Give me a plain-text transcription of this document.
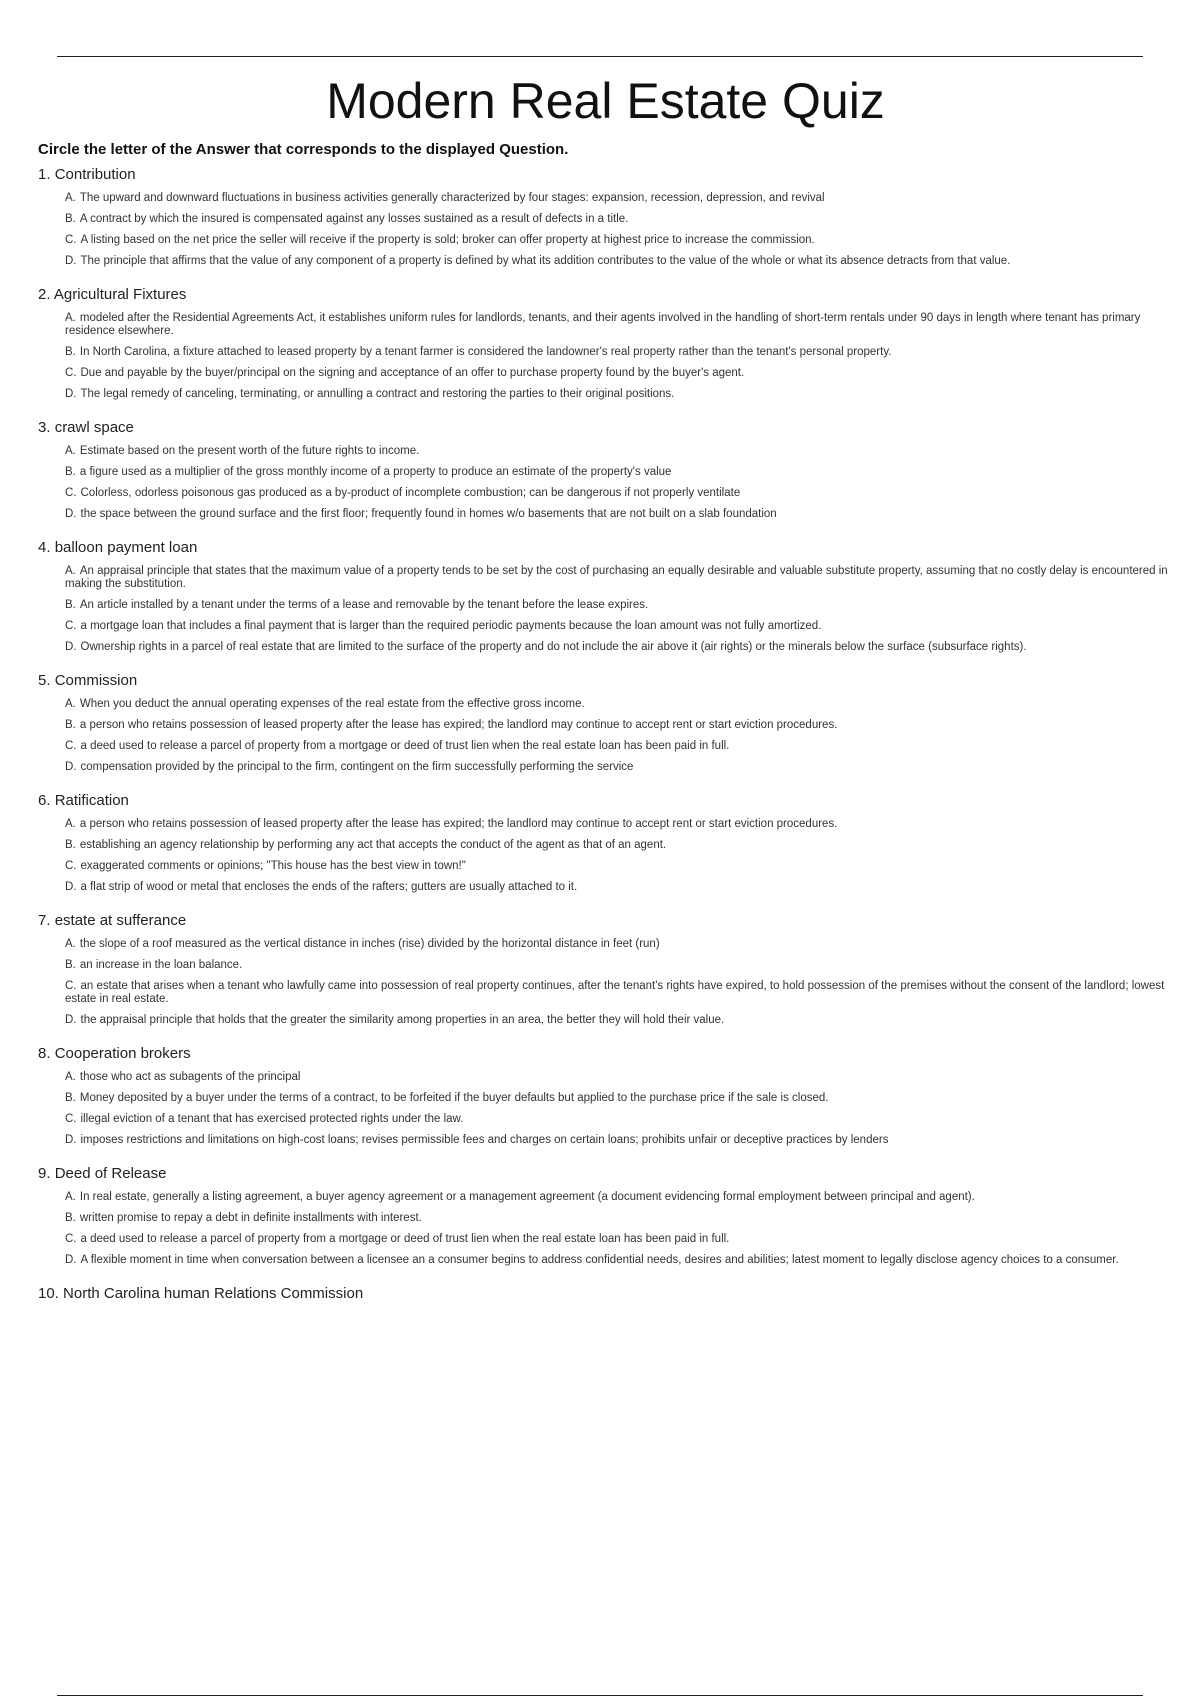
Modern Real Estate Quiz

Circle the letter of the Answer that corresponds to the displayed Question.

1. Contribution

A. The upward and downward fluctuations in business activities generally characterized by four stages: expansion, recession, depression, and revival
B. A contract by which the insured is compensated against any losses sustained as a result of defects in a title.
C. A listing based on the net price the seller will receive if the property is sold; broker can offer property at highest price to increase the commission.
D. The principle that affirms that the value of any component of a property is defined by what its addition contributes to the value of the whole or what its absence detracts from that value.

2. Agricultural Fixtures

A. modeled after the Residential Agreements Act, it establishes uniform rules for landlords, tenants, and their agents involved in the handling of short-term rentals under 90 days in length where tenant has primary residence elsewhere.
B. In North Carolina, a fixture attached to leased property by a tenant farmer is considered the landowner's real property rather than the tenant's personal property.
C. Due and payable by the buyer/principal on the signing and acceptance of an offer to purchase property found by the buyer's agent.
D. The legal remedy of canceling, terminating, or annulling a contract and restoring the parties to their original positions.

3. crawl space

A. Estimate based on the present worth of the future rights to income.
B. a figure used as a multiplier of the gross monthly income of a property to produce an estimate of the property's value
C. Colorless, odorless poisonous gas produced as a by-product of incomplete combustion; can be dangerous if not properly ventilate
D. the space between the ground surface and the first floor; frequently found in homes w/o basements that are not built on a slab foundation

4. balloon payment loan

A. An appraisal principle that states that the maximum value of a property tends to be set by the cost of purchasing an equally desirable and valuable substitute property, assuming that no costly delay is encountered in making the substitution.
B. An article installed by a tenant under the terms of a lease and removable by the tenant before the lease expires.
C. a mortgage loan that includes a final payment that is larger than the required periodic payments because the loan amount was not fully amortized.
D. Ownership rights in a parcel of real estate that are limited to the surface of the property and do not include the air above it (air rights) or the minerals below the surface (subsurface rights).

5. Commission

A. When you deduct the annual operating expenses of the real estate from the effective gross income.
B. a person who retains possession of leased property after the lease has expired; the landlord may continue to accept rent or start eviction procedures.
C. a deed used to release a parcel of property from a mortgage or deed of trust lien when the real estate loan has been paid in full.
D. compensation provided by the principal to the firm, contingent on the firm successfully performing the service

6. Ratification

A. a person who retains possession of leased property after the lease has expired; the landlord may continue to accept rent or start eviction procedures.
B. establishing an agency relationship by performing any act that accepts the conduct of the agent as that of an agent.
C. exaggerated comments or opinions; "This house has the best view in town!"
D. a flat strip of wood or metal that encloses the ends of the rafters; gutters are usually attached to it.

7. estate at sufferance

A. the slope of a roof measured as the vertical distance in inches (rise) divided by the horizontal distance in feet (run)
B. an increase in the loan balance.
C. an estate that arises when a tenant who lawfully came into possession of real property continues, after the tenant's rights have expired, to hold possession of the premises without the consent of the landlord; lowest estate in real estate.
D. the appraisal principle that holds that the greater the similarity among properties in an area, the better they will hold their value.

8. Cooperation brokers

A. those who act as subagents of the principal
B. Money deposited by a buyer under the terms of a contract, to be forfeited if the buyer defaults but applied to the purchase price if the sale is closed.
C. illegal eviction of a tenant that has exercised protected rights under the law.
D. imposes restrictions and limitations on high-cost loans; revises permissible fees and charges on certain loans; prohibits unfair or deceptive practices by lenders

9. Deed of Release

A. In real estate, generally a listing agreement, a buyer agency agreement or a management agreement (a document evidencing formal employment between principal and agent).
B. written promise to repay a debt in definite installments with interest.
C. a deed used to release a parcel of property from a mortgage or deed of trust lien when the real estate loan has been paid in full.
D. A flexible moment in time when conversation between a licensee an a consumer begins to address confidential needs, desires and abilities; latest moment to legally disclose agency choices to a consumer.

10. North Carolina human Relations Commission
